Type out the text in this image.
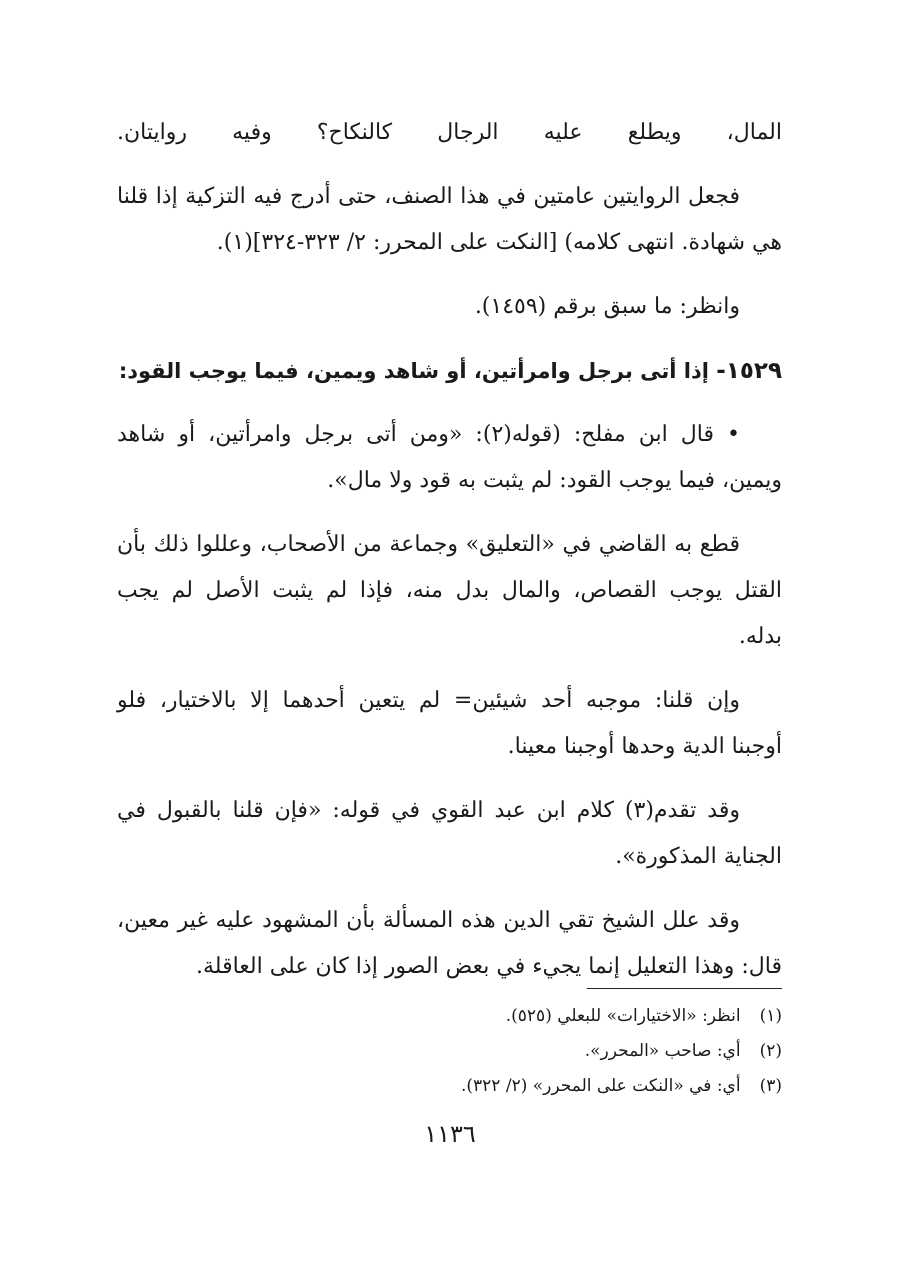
المال، ويطلع عليه الرجال كالنكاح؟ وفيه روايتان.
فجعل الروايتين عامتين في هذا الصنف، حتى أدرج فيه التزكية إذا قلنا
هي شهادة. انتهى كلامه) [النكت على المحرر: ٢/ ٣٢٣-٣٢٤](١).
وانظر: ما سبق برقم (١٤٥٩).
١٥٢٩- إذا أتى برجل وامرأتين، أو شاهد ويمين، فيما يوجب القود:
• قال ابن مفلح: (قوله(٢): «ومن أتى برجل وامرأتين، أو شاهد
ويمين، فيما يوجب القود: لم يثبت به قود ولا مال».
قطع به القاضي في «التعليق» وجماعة من الأصحاب، وعللوا ذلك بأن
القتل يوجب القصاص، والمال بدل منه، فإذا لم يثبت الأصل لم يجب
بدله.
وإن قلنا: موجبه أحد شيئين= لم يتعين أحدهما إلا بالاختيار، فلو
أوجبنا الدية وحدها أوجبنا معينا.
وقد تقدم(٣) كلام ابن عبد القوي في قوله: «فإن قلنا بالقبول في
الجناية المذكورة».
وقد علل الشيخ تقي الدين هذه المسألة بأن المشهود عليه غير معين،
قال: وهذا التعليل إنما يجيء في بعض الصور إذا كان على العاقلة.
(١) انظر: «الاختيارات» للبعلي (٥٢٥).
(٢) أي: صاحب «المحرر».
(٣) أي: في «النكت على المحرر» (٢/ ٣٢٢).
١١٣٦
